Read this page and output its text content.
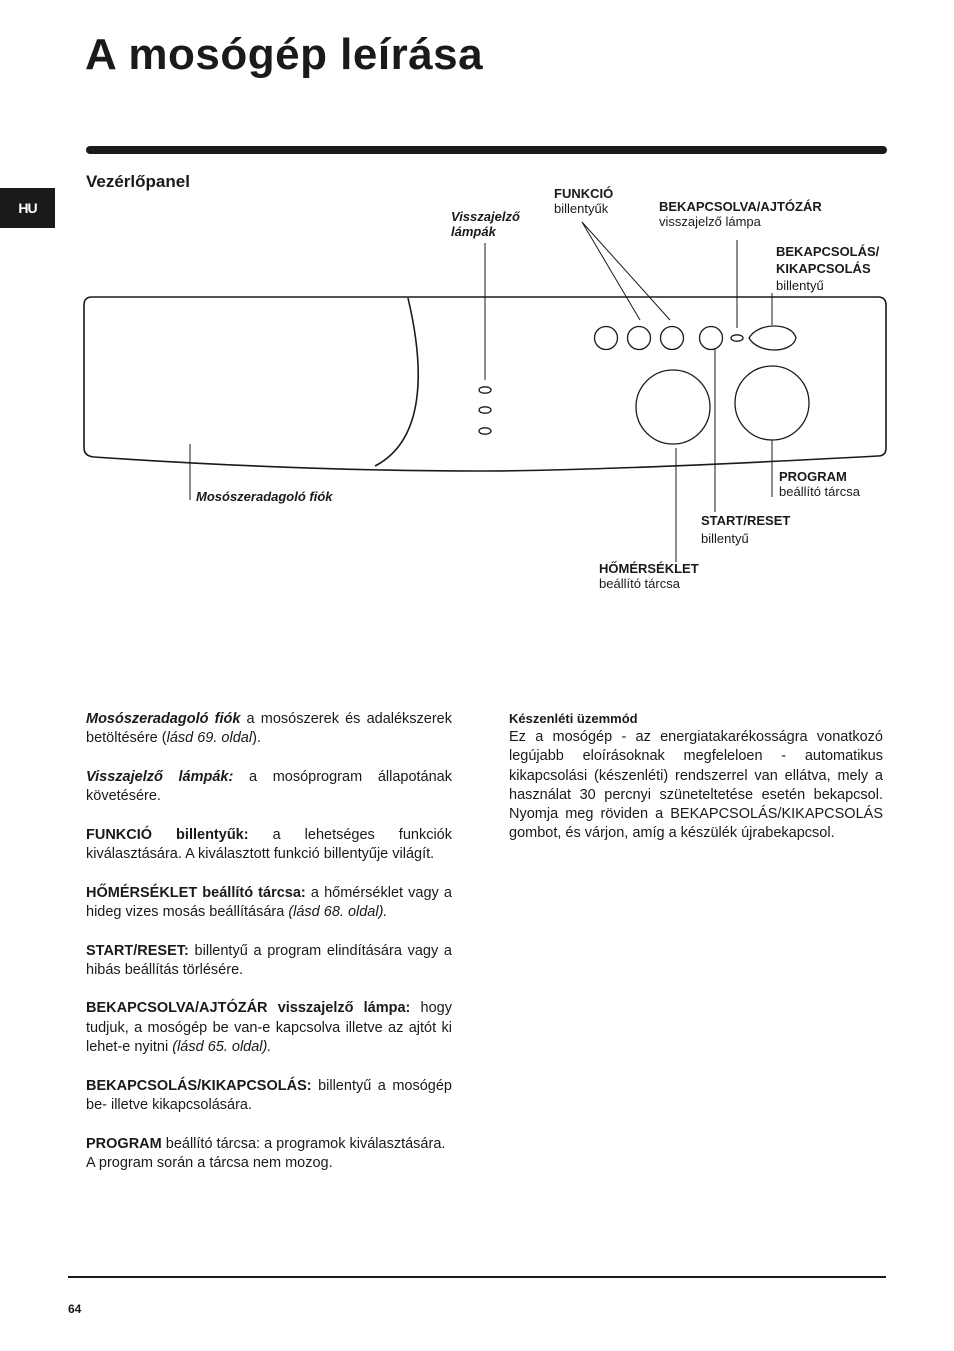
A mosógép leírása
HU
Vezérlőpanel
Visszajelző
lámpák
FUNKCIÓ
billentyűk	BEKAPCSOLVA/AJTÓZÁR
visszajelző lámpa
BEKAPCSOLÁS/
KIKAPCSOLÁS
billentyű
Mosószeradagoló fiók
PROGRAM
beállító tárcsa
START/RESET
billentyű
HŐMÉRSÉKLET
beállító tárcsa

Mosószeradagoló fiók a mosószerek és adalékszerek betöltésére (lásd 69. oldal).

Visszajelző lámpák: a mosóprogram állapotának követésére.

FUNKCIÓ billentyűk: a lehetséges funkciók kiválasztására. A kiválasztott funkció billentyűje világít.

HŐMÉRSÉKLET beállító tárcsa: a hőmérséklet vagy a hideg vizes mosás beállítására (lásd 68. oldal).

START/RESET: billentyű a program elindítására vagy a hibás beállítás törlésére.

BEKAPCSOLVA/AJTÓZÁR visszajelző lámpa: hogy tudjuk, a mosógép be van-e kapcsolva illetve az ajtót ki lehet-e nyitni (lásd 65. oldal).

BEKAPCSOLÁS/KIKAPCSOLÁS: billentyű a mosógép be- illetve kikapcsolására.

PROGRAM beállító tárcsa: a programok kiválasztására.
A program során a tárcsa nem mozog.

Készenléti üzemmód
Ez a mosógép - az energiatakarékosságra vonatkozó legújabb eloírásoknak megfeleloen - automatikus kikapcsolási (készenléti) rendszerrel van ellátva, mely a használat 30 percnyi szüneteltetése esetén bekapcsol. Nyomja meg röviden a BEKAPCSOLÁS/KIKAPCSOLÁS gombot, és várjon, amíg a készülék újrabekapcsol.
64
